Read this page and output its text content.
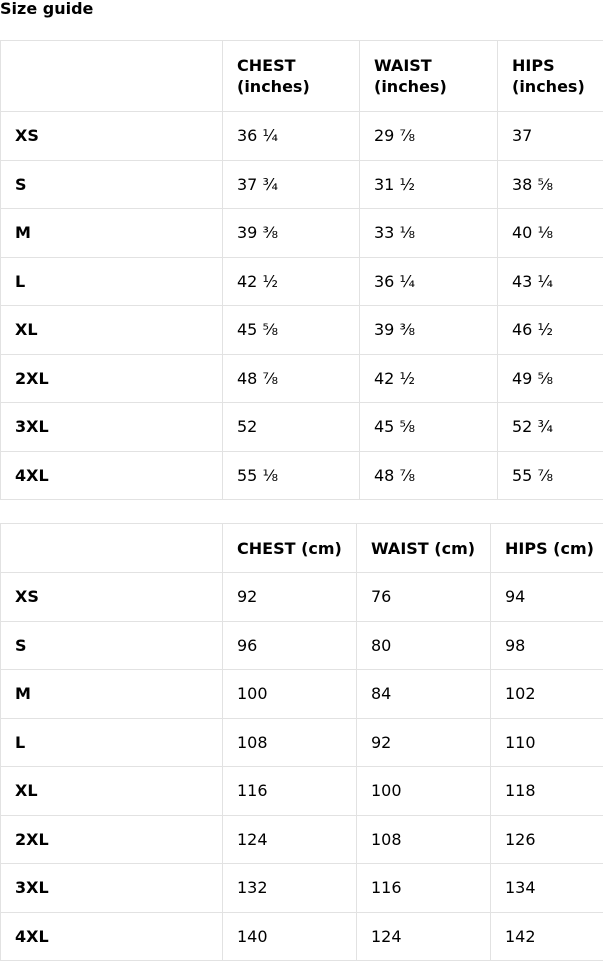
Size guide
	CHEST (inches)	WAIST (inches)	HIPS (inches)
XS	36 ¼	29 ⅞	37
S	37 ¾	31 ½	38 ⅝
M	39 ⅜	33 ⅛	40 ⅛
L	42 ½	36 ¼	43 ¼
XL	45 ⅝	39 ⅜	46 ½
2XL	48 ⅞	42 ½	49 ⅝
3XL	52	45 ⅝	52 ¾
4XL	55 ⅛	48 ⅞	55 ⅞
	CHEST (cm)	WAIST (cm)	HIPS (cm)
XS	92	76	94
S	96	80	98
M	100	84	102
L	108	92	110
XL	116	100	118
2XL	124	108	126
3XL	132	116	134
4XL	140	124	142
